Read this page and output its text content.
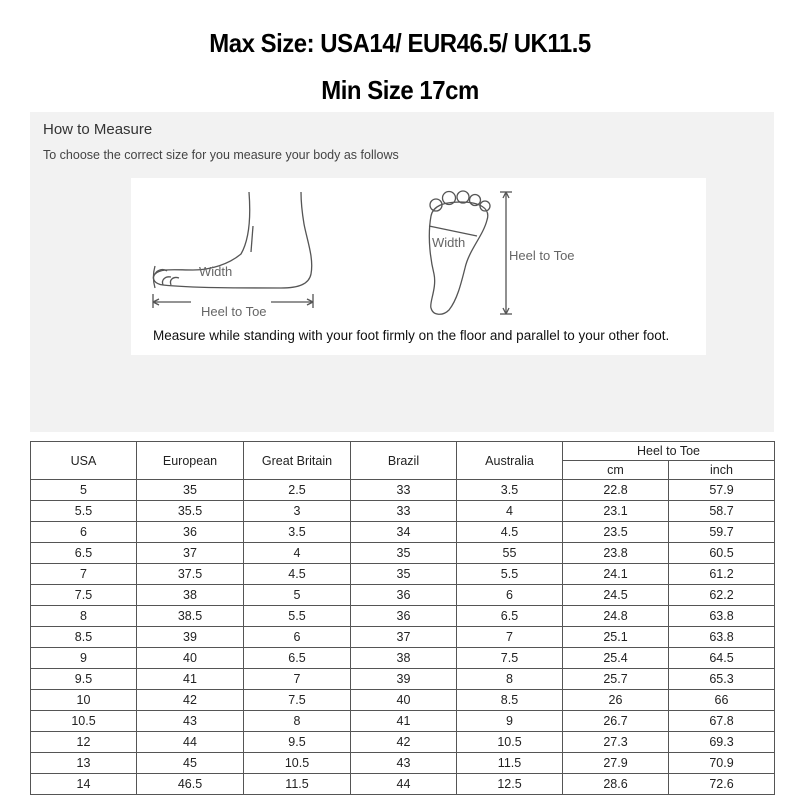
Max Size: USA14/ EUR46.5/ UK11.5
Min Size 17cm
How to Measure
To choose the correct size for you measure your body as follows
Width
Heel to Toe
Width
Heel to Toe
Measure while standing with your foot firmly on the floor and parallel to your other foot.
USA	European	Great Britain	Brazil	Australia	Heel to Toe	
					cm	inch
5	35	2.5	33	3.5	22.8	57.9
5.5	35.5	3	33	4	23.1	58.7
6	36	3.5	34	4.5	23.5	59.7
6.5	37	4	35	55	23.8	60.5
7	37.5	4.5	35	5.5	24.1	61.2
7.5	38	5	36	6	24.5	62.2
8	38.5	5.5	36	6.5	24.8	63.8
8.5	39	6	37	7	25.1	63.8
9	40	6.5	38	7.5	25.4	64.5
9.5	41	7	39	8	25.7	65.3
10	42	7.5	40	8.5	26	66
10.5	43	8	41	9	26.7	67.8
12	44	9.5	42	10.5	27.3	69.3
13	45	10.5	43	11.5	27.9	70.9
14	46.5	11.5	44	12.5	28.6	72.6
